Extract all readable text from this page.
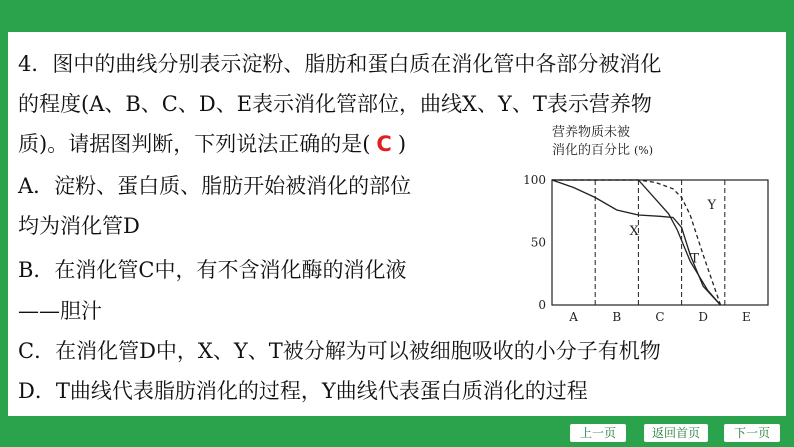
4．图中的曲线分别表示淀粉、脂肪和蛋白质在消化管中各部分被消化
的程度(A、B、C、D、E表示消化管部位，曲线X、Y、T表示营养物
质)。请据图判断，下列说法正确的是( C )
A．淀粉、蛋白质、脂肪开始被消化的部位
均为消化管D
B．在消化管C中，有不含消化酶的消化液
——胆汁
C．在消化管D中，X、Y、T被分解为可以被细胞吸收的小分子有机物
D．T曲线代表脂肪消化的过程，Y曲线代表蛋白质消化的过程
营养物质未被
消化的百分比 (%)
100
50
0
A	B	C	D	E
X
Y
T
上一页	返回首页	下一页
